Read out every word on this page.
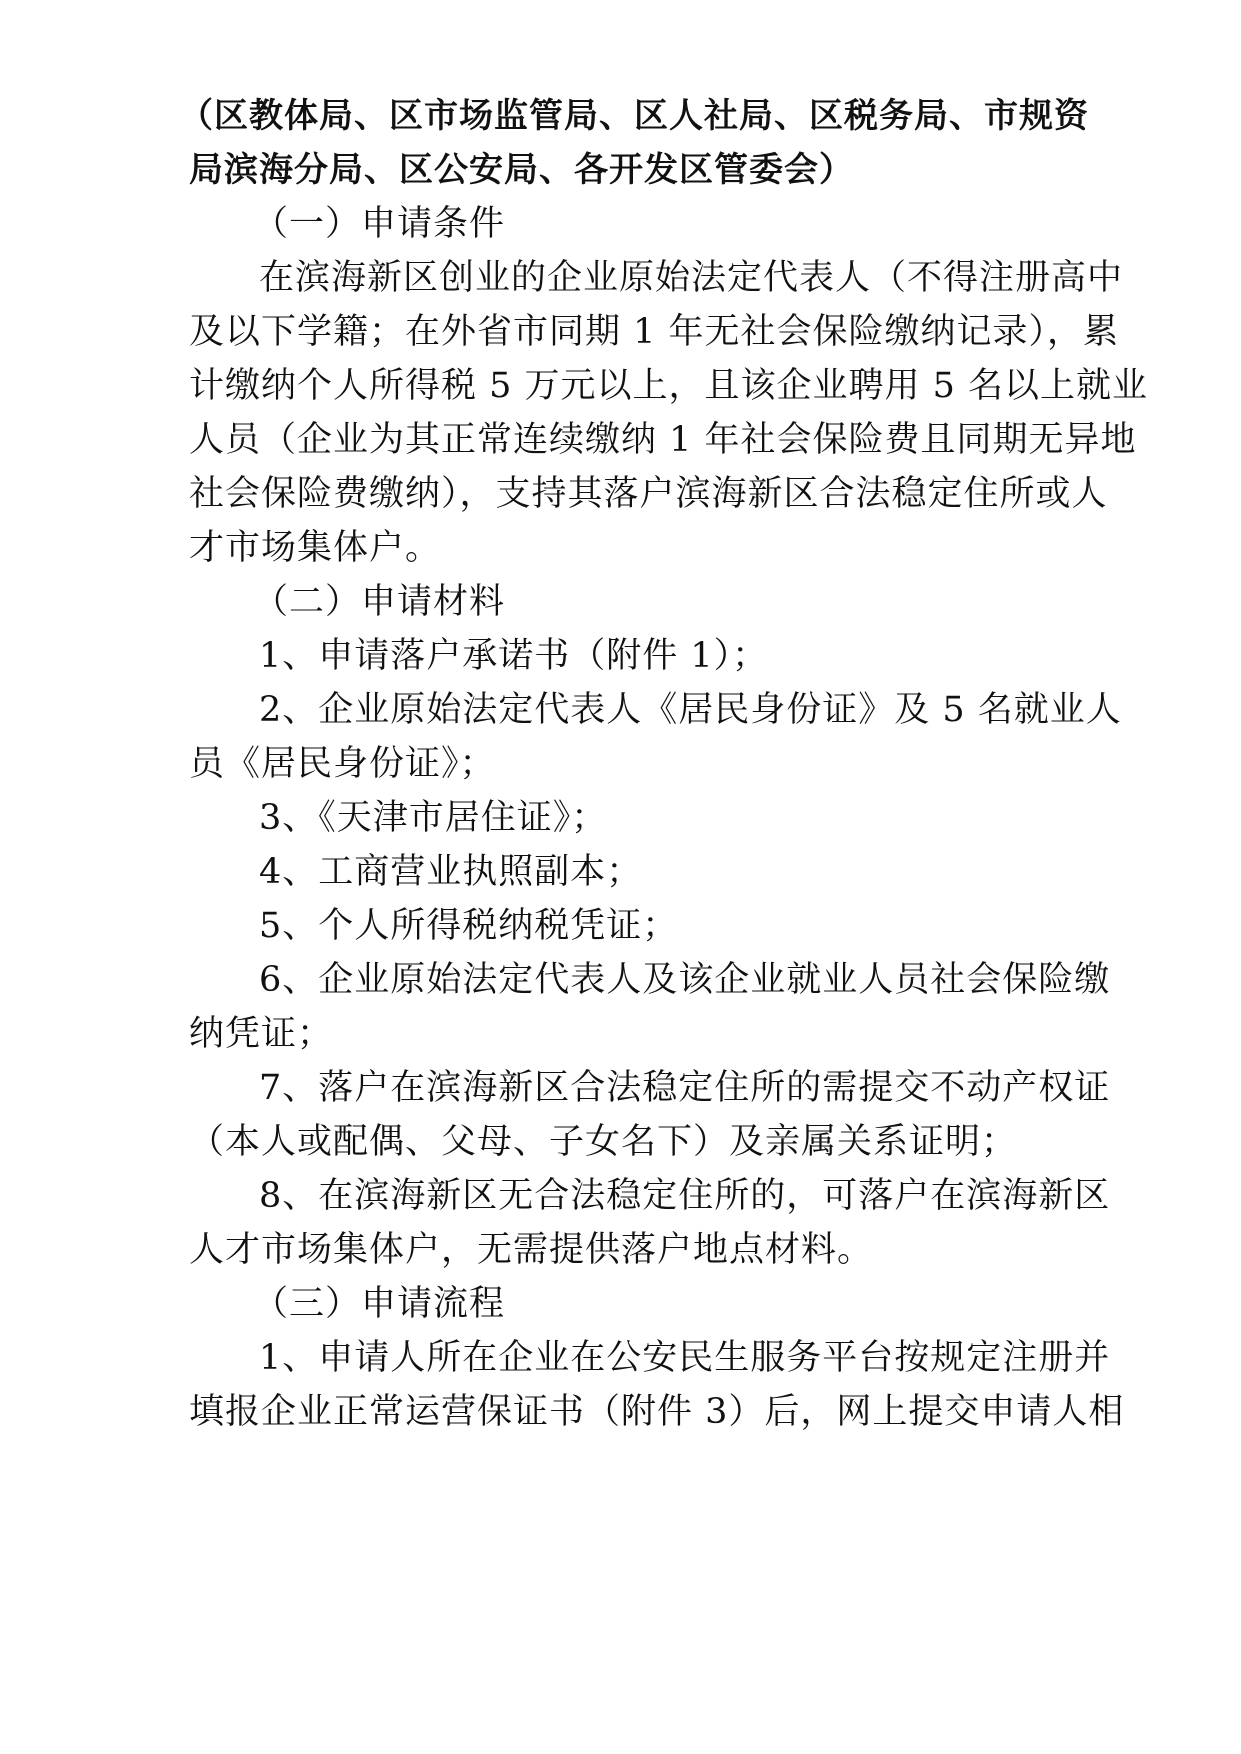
（区教体局、区市场监管局、区人社局、区税务局、市规资
局滨海分局、区公安局、各开发区管委会）
（一）申请条件
在滨海新区创业的企业原始法定代表人（不得注册高中
及以下学籍；在外省市同期 1 年无社会保险缴纳记录），累
计缴纳个人所得税 5 万元以上，且该企业聘用 5 名以上就业
人员（企业为其正常连续缴纳 1 年社会保险费且同期无异地
社会保险费缴纳），支持其落户滨海新区合法稳定住所或人
才市场集体户。
（二）申请材料
1、申请落户承诺书（附件 1）；
2、企业原始法定代表人《居民身份证》及 5 名就业人
员《居民身份证》；
3、《天津市居住证》；
4、工商营业执照副本；
5、个人所得税纳税凭证；
6、企业原始法定代表人及该企业就业人员社会保险缴
纳凭证；
7、落户在滨海新区合法稳定住所的需提交不动产权证
（本人或配偶、父母、子女名下）及亲属关系证明；
8、在滨海新区无合法稳定住所的，可落户在滨海新区
人才市场集体户，无需提供落户地点材料。
（三）申请流程
1、申请人所在企业在公安民生服务平台按规定注册并
填报企业正常运营保证书（附件 3）后，网上提交申请人相
